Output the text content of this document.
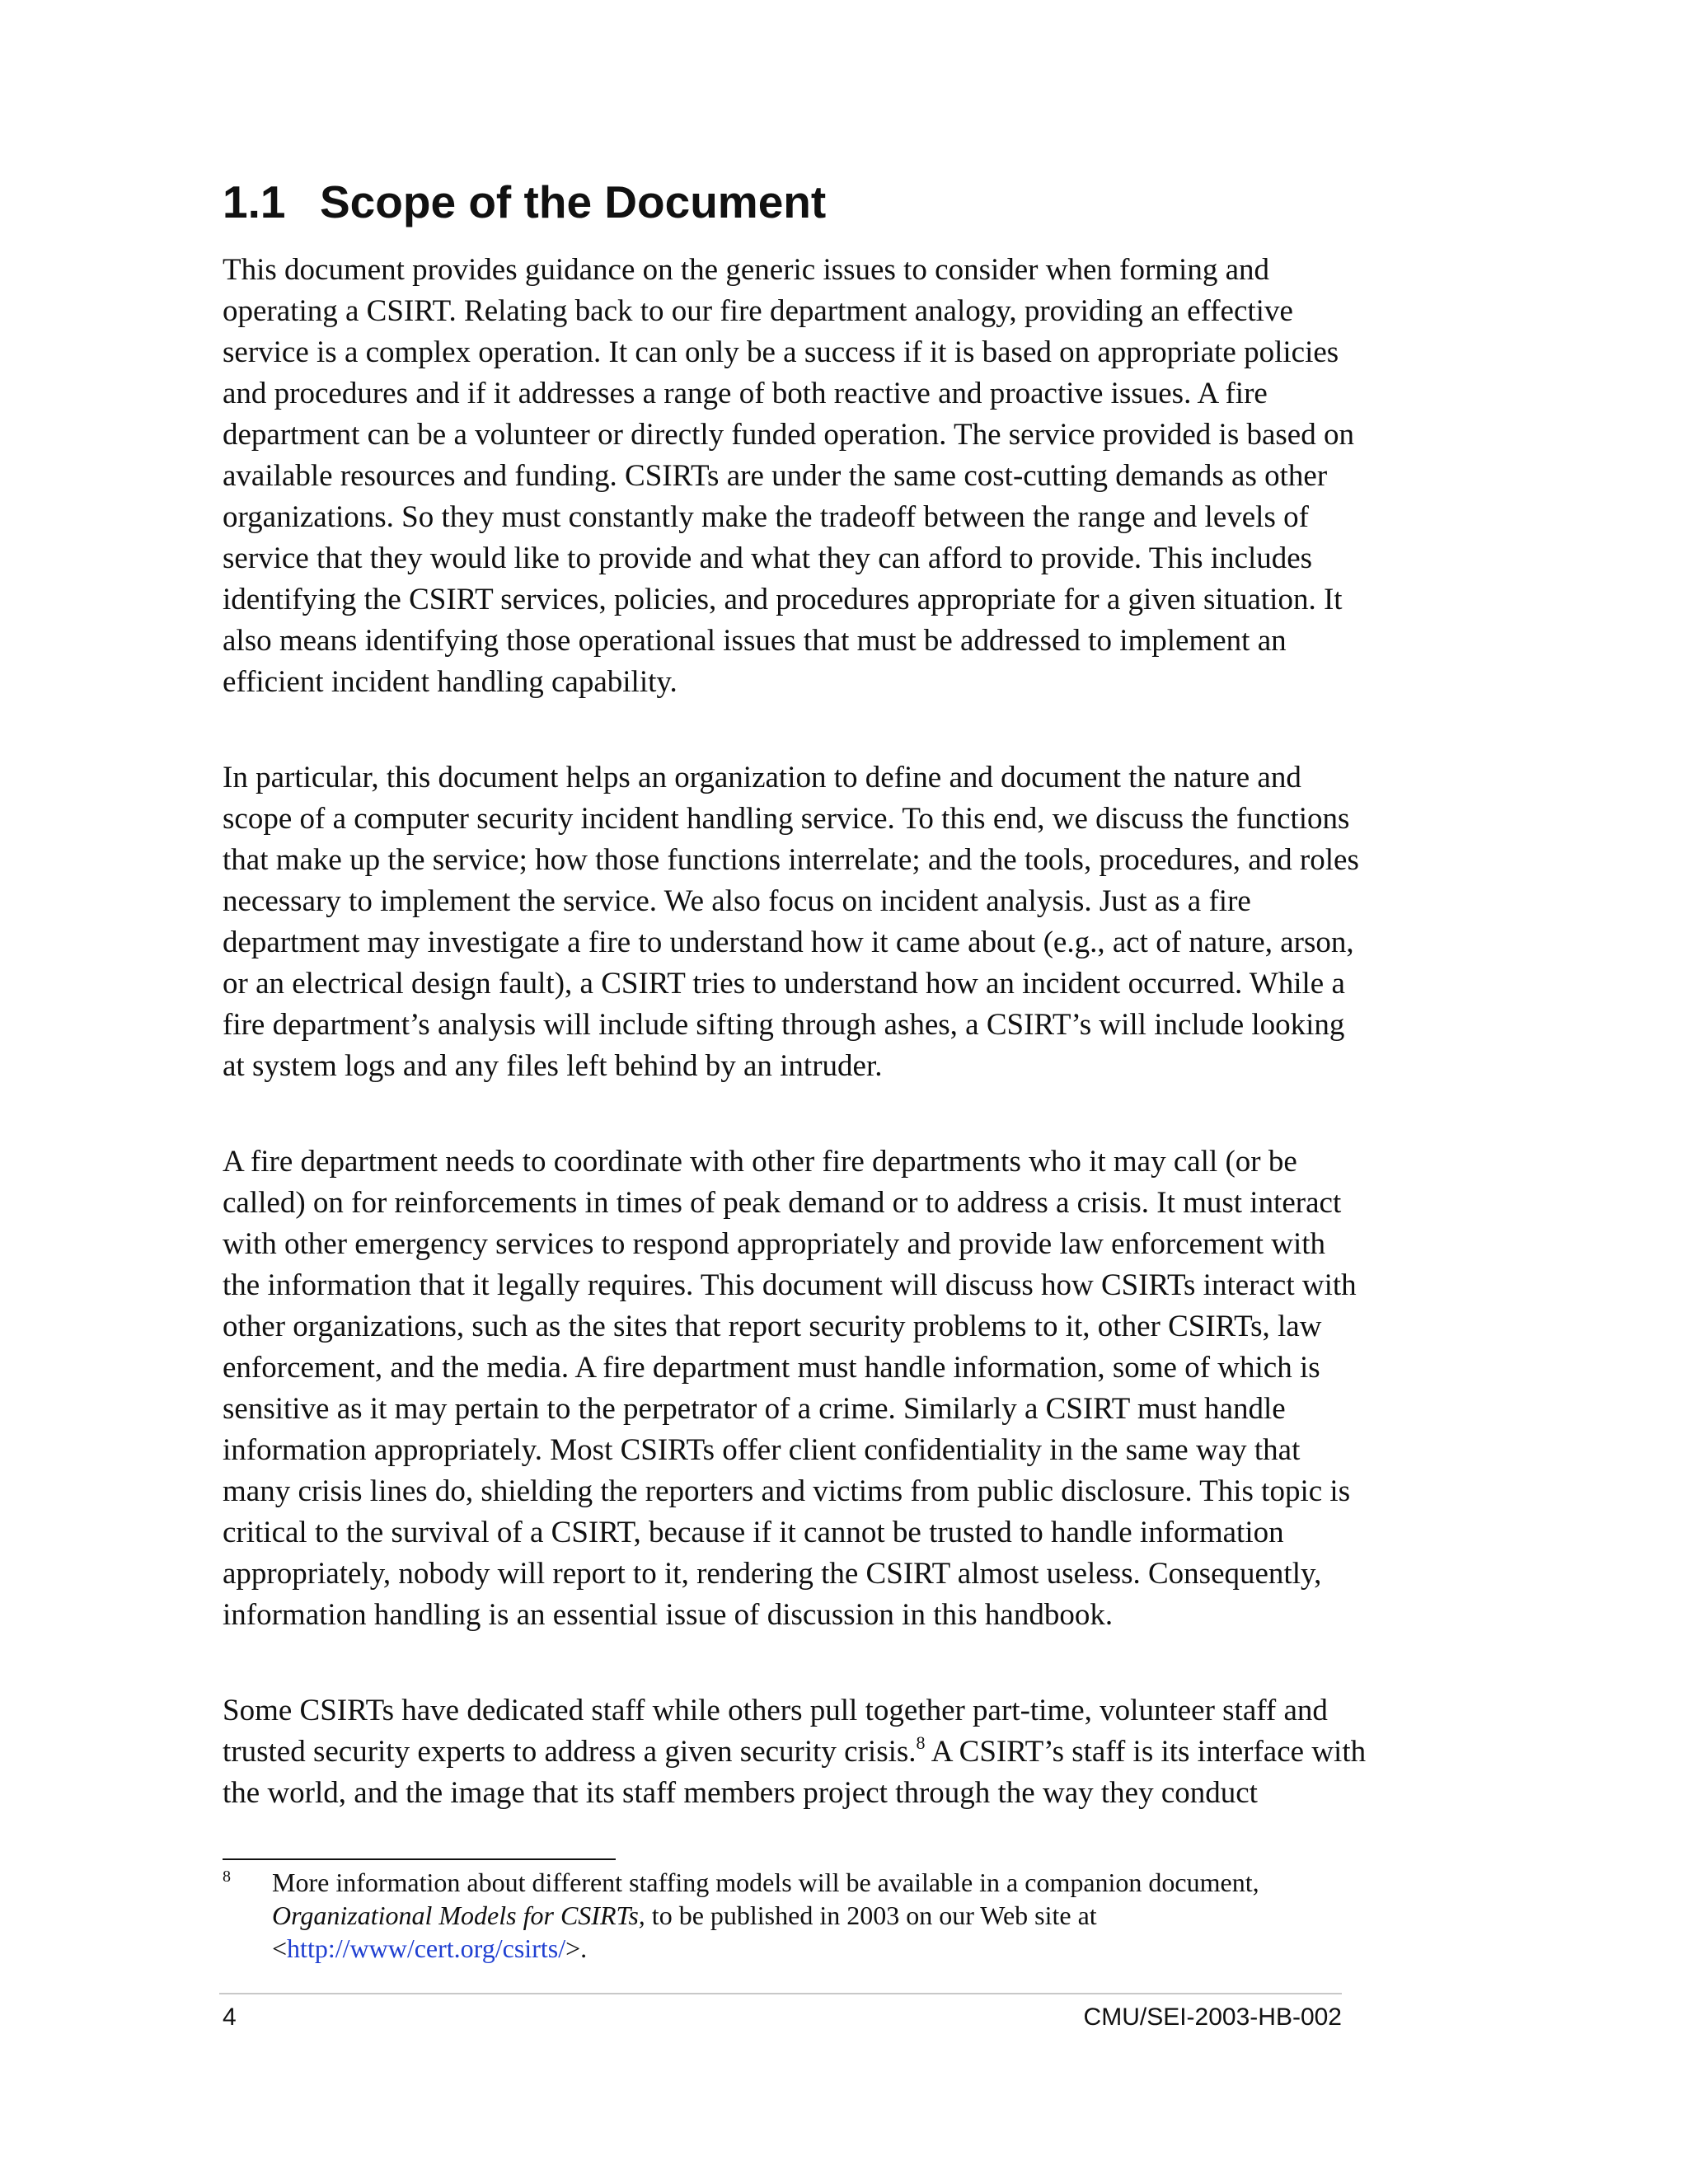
1.1 Scope of the Document

This document provides guidance on the generic issues to consider when forming and
operating a CSIRT. Relating back to our fire department analogy, providing an effective
service is a complex operation. It can only be a success if it is based on appropriate policies
and procedures and if it addresses a range of both reactive and proactive issues. A fire
department can be a volunteer or directly funded operation. The service provided is based on
available resources and funding. CSIRTs are under the same cost-cutting demands as other
organizations. So they must constantly make the tradeoff between the range and levels of
service that they would like to provide and what they can afford to provide. This includes
identifying the CSIRT services, policies, and procedures appropriate for a given situation. It
also means identifying those operational issues that must be addressed to implement an
efficient incident handling capability.

In particular, this document helps an organization to define and document the nature and
scope of a computer security incident handling service. To this end, we discuss the functions
that make up the service; how those functions interrelate; and the tools, procedures, and roles
necessary to implement the service. We also focus on incident analysis. Just as a fire
department may investigate a fire to understand how it came about (e.g., act of nature, arson,
or an electrical design fault), a CSIRT tries to understand how an incident occurred. While a
fire department’s analysis will include sifting through ashes, a CSIRT’s will include looking
at system logs and any files left behind by an intruder.

A fire department needs to coordinate with other fire departments who it may call (or be
called) on for reinforcements in times of peak demand or to address a crisis. It must interact
with other emergency services to respond appropriately and provide law enforcement with
the information that it legally requires. This document will discuss how CSIRTs interact with
other organizations, such as the sites that report security problems to it, other CSIRTs, law
enforcement, and the media. A fire department must handle information, some of which is
sensitive as it may pertain to the perpetrator of a crime. Similarly a CSIRT must handle
information appropriately. Most CSIRTs offer client confidentiality in the same way that
many crisis lines do, shielding the reporters and victims from public disclosure. This topic is
critical to the survival of a CSIRT, because if it cannot be trusted to handle information
appropriately, nobody will report to it, rendering the CSIRT almost useless. Consequently,
information handling is an essential issue of discussion in this handbook.

Some CSIRTs have dedicated staff while others pull together part-time, volunteer staff and
trusted security experts to address a given security crisis.$^8$ A CSIRT’s staff is its interface with
the world, and the image that its staff members project through the way they conduct

8 More information about different staffing models will be available in a companion document,
Organizational Models for CSIRTs, to be published in 2003 on our Web site at
<http://www/cert.org/csirts/>.
4	CMU/SEI-2003-HB-002
